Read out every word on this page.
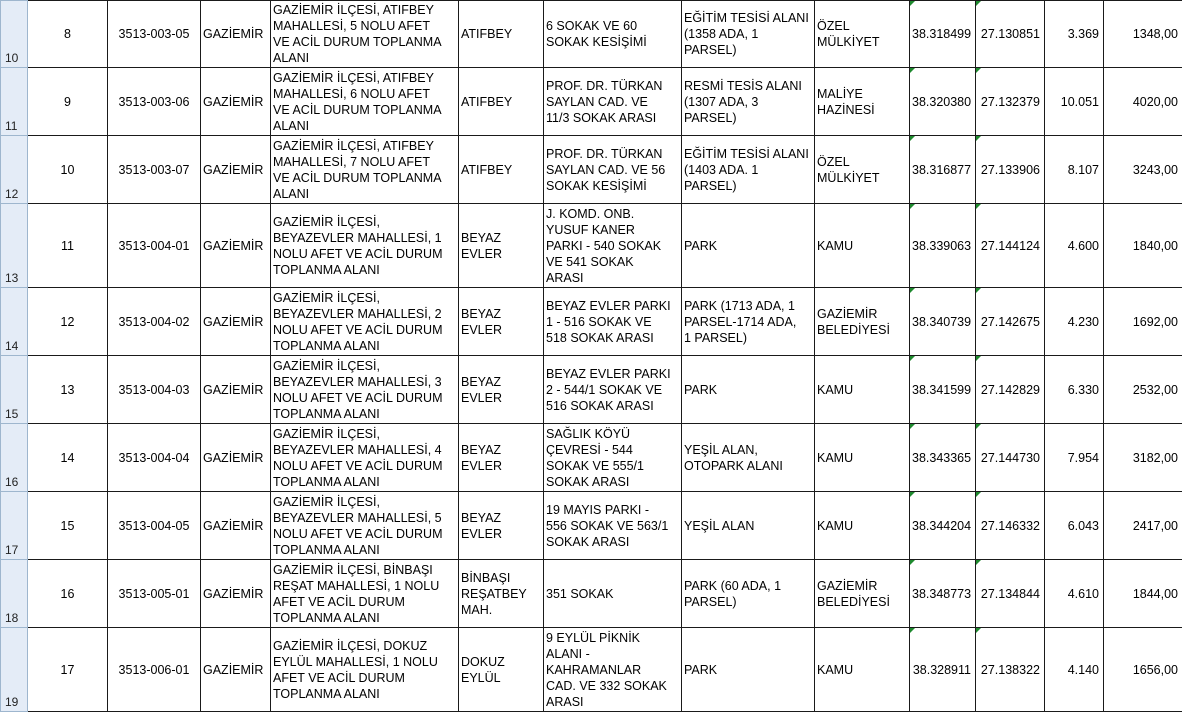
10	8	3513-003-05	GAZİEMİR	GAZİEMİR İLÇESİ, ATIFBEY
MAHALLESİ, 5 NOLU AFET
VE ACİL DURUM TOPLANMA
ALANI	ATIFBEY	6 SOKAK VE 60
SOKAK KESİŞİMİ	EĞİTİM TESİSİ ALANI
(1358 ADA, 1
PARSEL)	ÖZEL
MÜLKİYET	38.318499	27.130851	3.369	1348,00
11	9	3513-003-06	GAZİEMİR	GAZİEMİR İLÇESİ, ATIFBEY
MAHALLESİ, 6 NOLU AFET
VE ACİL DURUM TOPLANMA
ALANI	ATIFBEY	PROF. DR. TÜRKAN
SAYLAN CAD. VE
11/3 SOKAK ARASI	RESMİ TESİS ALANI
(1307 ADA, 3
PARSEL)	MALİYE
HAZİNESİ	38.320380	27.132379	10.051	4020,00
12	10	3513-003-07	GAZİEMİR	GAZİEMİR İLÇESİ, ATIFBEY
MAHALLESİ, 7 NOLU AFET
VE ACİL DURUM TOPLANMA
ALANI	ATIFBEY	PROF. DR. TÜRKAN
SAYLAN CAD. VE 56
SOKAK KESİŞİMİ	EĞİTİM TESİSİ ALANI
(1403 ADA. 1
PARSEL)	ÖZEL
MÜLKİYET	38.316877	27.133906	8.107	3243,00
13	11	3513-004-01	GAZİEMİR	GAZİEMİR İLÇESİ,
BEYAZEVLER MAHALLESİ, 1
NOLU AFET VE ACİL DURUM
TOPLANMA ALANI	BEYAZ
EVLER	J. KOMD. ONB.
YUSUF KANER
PARKI - 540 SOKAK
VE 541 SOKAK
ARASI	PARK	KAMU	38.339063	27.144124	4.600	1840,00
14	12	3513-004-02	GAZİEMİR	GAZİEMİR İLÇESİ,
BEYAZEVLER MAHALLESİ, 2
NOLU AFET VE ACİL DURUM
TOPLANMA ALANI	BEYAZ
EVLER	BEYAZ EVLER PARKI
1 - 516 SOKAK VE
518 SOKAK ARASI	PARK (1713 ADA, 1
PARSEL-1714 ADA,
1 PARSEL)	GAZİEMİR
BELEDİYESİ	38.340739	27.142675	4.230	1692,00
15	13	3513-004-03	GAZİEMİR	GAZİEMİR İLÇESİ,
BEYAZEVLER MAHALLESİ, 3
NOLU AFET VE ACİL DURUM
TOPLANMA ALANI	BEYAZ
EVLER	BEYAZ EVLER PARKI
2 - 544/1 SOKAK VE
516 SOKAK ARASI	PARK	KAMU	38.341599	27.142829	6.330	2532,00
16	14	3513-004-04	GAZİEMİR	GAZİEMİR İLÇESİ,
BEYAZEVLER MAHALLESİ, 4
NOLU AFET VE ACİL DURUM
TOPLANMA ALANI	BEYAZ
EVLER	SAĞLIK KÖYÜ
ÇEVRESİ - 544
SOKAK VE 555/1
SOKAK ARASI	YEŞİL ALAN,
OTOPARK ALANI	KAMU	38.343365	27.144730	7.954	3182,00
17	15	3513-004-05	GAZİEMİR	GAZİEMİR İLÇESİ,
BEYAZEVLER MAHALLESİ, 5
NOLU AFET VE ACİL DURUM
TOPLANMA ALANI	BEYAZ
EVLER	19 MAYIS PARKI -
556 SOKAK VE 563/1
SOKAK ARASI	YEŞİL ALAN	KAMU	38.344204	27.146332	6.043	2417,00
18	16	3513-005-01	GAZİEMİR	GAZİEMİR İLÇESİ, BİNBAŞI
REŞAT MAHALLESİ, 1 NOLU
AFET VE ACİL DURUM
TOPLANMA ALANI	BİNBAŞI
REŞATBEY
MAH.	351 SOKAK	PARK (60 ADA, 1
PARSEL)	GAZİEMİR
BELEDİYESİ	38.348773	27.134844	4.610	1844,00
19	17	3513-006-01	GAZİEMİR	GAZİEMİR İLÇESİ, DOKUZ
EYLÜL MAHALLESİ, 1 NOLU
AFET VE ACİL DURUM
TOPLANMA ALANI	DOKUZ
EYLÜL	9 EYLÜL PİKNİK
ALANI -
KAHRAMANLAR
CAD. VE 332 SOKAK
ARASI	PARK	KAMU	38.328911	27.138322	4.140	1656,00
